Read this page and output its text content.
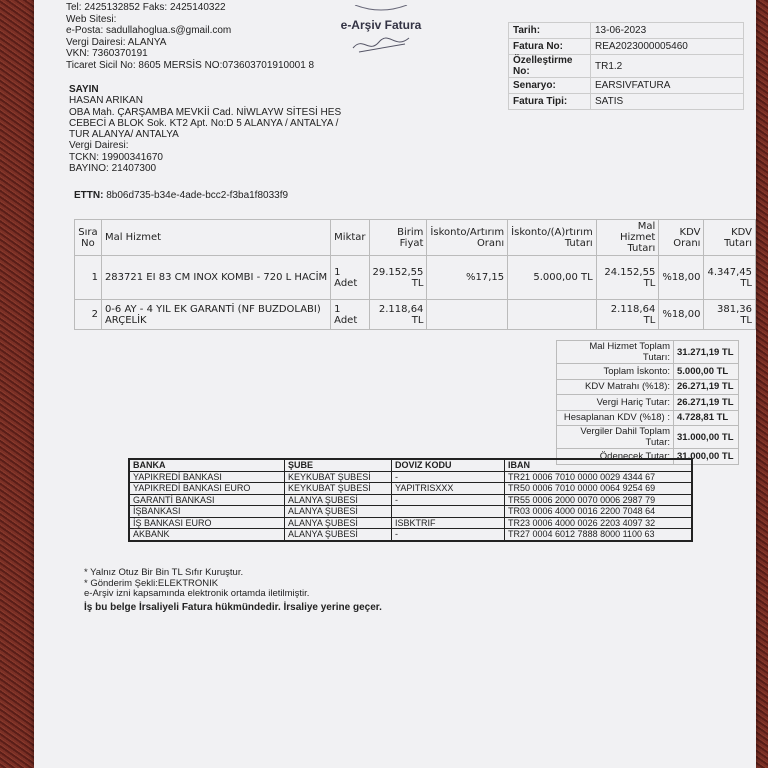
Tel: 2425132852 Faks: 2425140322
Web Sitesi:
e-Posta: sadullahoglua.s@gmail.com
Vergi Dairesi: ALANYA
VKN: 7360370191
Ticaret Sicil No: 8605 MERSİS NO:073603701910001 8
e-Arşiv Fatura	Tarih:	13-06-2023
Fatura No:	REA2023000005460
Özelleştirme No:	TR1.2
Senaryo:	EARSIVFATURA
Fatura Tipi:	SATIS
SAYIN
HASAN ARIKAN
OBA Mah. ÇARŞAMBA MEVKİİ Cad. NİWLAYW SİTESİ HES CEBECİ A BLOK Sok. KT2 Apt. No:D 5 ALANYA / ANTALYA / TUR ALANYA/ ANTALYA
Vergi Dairesi:
TCKN: 19900341670
BAYINO: 21407300
ETTN: 8b06d735-b34e-4ade-bcc2-f3ba1f8033f9
Sıra No	Mal Hizmet	Miktar	Birim Fiyat	İskonto/Artırım Oranı	İskonto/(A)rtırım Tutarı	Mal Hizmet Tutarı	KDV Oranı	KDV Tutarı
1	283721 EI 83 CM INOX KOMBI - 720 L HACİM	1 Adet	29.152,55 TL	%17,15	5.000,00 TL	24.152,55 TL	%18,00	4.347,45 TL
2	0-6 AY - 4 YIL EK GARANTİ (NF BUZDOLABI) ARÇELİK	1 Adet	2.118,64 TL			2.118,64 TL	%18,00	381,36 TL
Mal Hizmet Toplam Tutarı:	31.271,19 TL
Toplam İskonto:	5.000,00 TL
KDV Matrahı (%18):	26.271,19 TL
Vergi Hariç Tutar:	26.271,19 TL
Hesaplanan KDV (%18) :	4.728,81 TL
Vergiler Dahil Toplam Tutar:	31.000,00 TL
Ödenecek Tutar:	31.000,00 TL
BANKA	ŞUBE	DOVIZ KODU	IBAN
YAPIKREDİ BANKASI	KEYKUBAT ŞUBESİ	-	TR21 0006 7010 0000 0029 4344 67
YAPIKREDİ BANKASI EURO	KEYKUBAT ŞUBESİ	YAPITRISXXX	TR50 0006 7010 0000 0064 9254 69
GARANTİ BANKASI	ALANYA ŞUBESİ	-	TR55 0006 2000 0070 0006 2987 79
İŞBANKASI	ALANYA ŞUBESİ		TR03 0006 4000 0016 2200 7048 64
İŞ BANKASI EURO	ALANYA ŞUBESİ	ISBKTRIF	TR23 0006 4000 0026 2203 4097 32
AKBANK	ALANYA ŞUBESİ	-	TR27 0004 6012 7888 8000 1100 63
* Yalnız Otuz Bir Bin TL Sıfır Kuruştur.
* Gönderim Şekli:ELEKTRONIK
e-Arşiv izni kapsamında elektronik ortamda iletilmiştir.
İş bu belge İrsaliyeli Fatura hükmündedir. İrsaliye yerine geçer.
